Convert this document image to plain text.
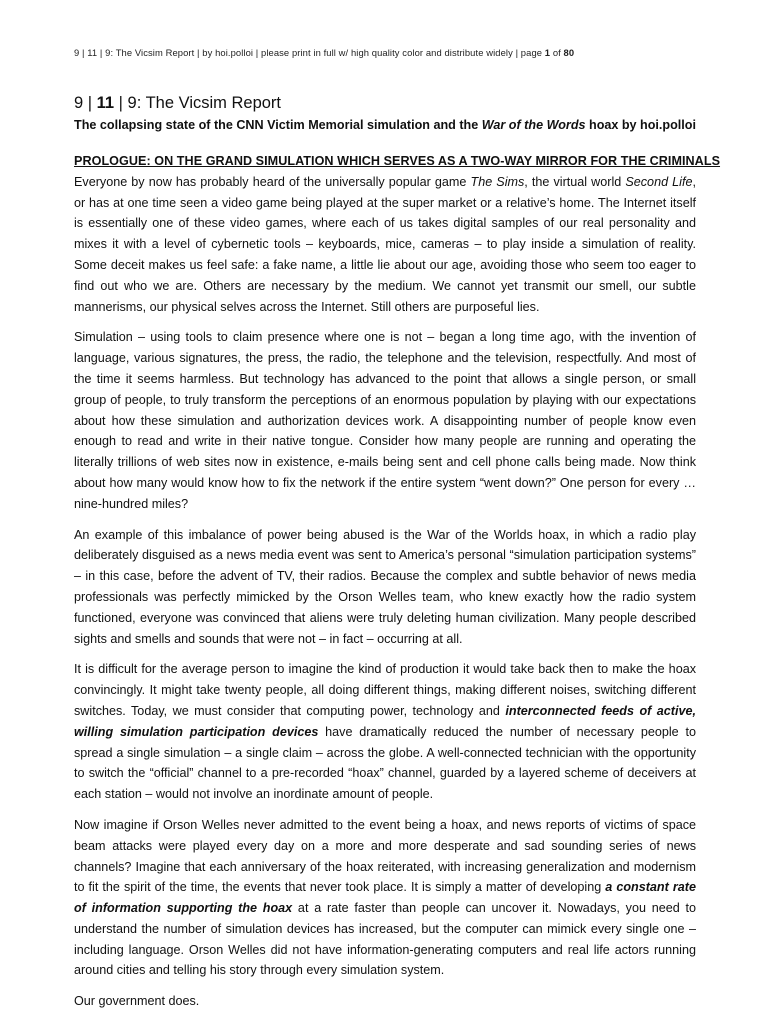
9 | 11 | 9: The Vicsim Report | by hoi.polloi | please print in full w/ high quality color and distribute widely | page 1 of 80
9 | 11 | 9: The Vicsim Report
The collapsing state of the CNN Victim Memorial simulation and the War of the Words hoax by hoi.polloi

PROLOGUE: ON THE GRAND SIMULATION WHICH SERVES AS A TWO-WAY MIRROR FOR THE CRIMINALS
Everyone by now has probably heard of the universally popular game The Sims, the virtual world Second Life, or has at one time seen a video game being played at the super market or a relative’s home. The Internet itself is essentially one of these video games, where each of us takes digital samples of our real personality and mixes it with a level of cybernetic tools – keyboards, mice, cameras – to play inside a simulation of reality. Some deceit makes us feel safe: a fake name, a little lie about our age, avoiding those who seem too eager to find out who we are. Others are necessary by the medium. We cannot yet transmit our smell, our subtle mannerisms, our physical selves across the Internet. Still others are purposeful lies.

Simulation – using tools to claim presence where one is not – began a long time ago, with the invention of language, various signatures, the press, the radio, the telephone and the television, respectfully. And most of the time it seems harmless. But technology has advanced to the point that allows a single person, or small group of people, to truly transform the perceptions of an enormous population by playing with our expectations about how these simulation and authorization devices work. A disappointing number of people know even enough to read and write in their native tongue. Consider how many people are running and operating the literally trillions of web sites now in existence, e-mails being sent and cell phone calls being made. Now think about how many would know how to fix the network if the entire system “went down?” One person for every … nine-hundred miles?

An example of this imbalance of power being abused is the War of the Worlds hoax, in which a radio play deliberately disguised as a news media event was sent to America’s personal “simulation participation systems” – in this case, before the advent of TV, their radios. Because the complex and subtle behavior of news media professionals was perfectly mimicked by the Orson Welles team, who knew exactly how the radio system functioned, everyone was convinced that aliens were truly deleting human civilization. Many people described sights and smells and sounds that were not – in fact – occurring at all.

It is difficult for the average person to imagine the kind of production it would take back then to make the hoax convincingly. It might take twenty people, all doing different things, making different noises, switching different switches. Today, we must consider that computing power, technology and interconnected feeds of active, willing simulation participation devices have dramatically reduced the number of necessary people to spread a single simulation – a single claim – across the globe. A well-connected technician with the opportunity to switch the “official” channel to a pre-recorded “hoax” channel, guarded by a layered scheme of deceivers at each station – would not involve an inordinate amount of people.

Now imagine if Orson Welles never admitted to the event being a hoax, and news reports of victims of space beam attacks were played every day on a more and more desperate and sad sounding series of news channels? Imagine that each anniversary of the hoax reiterated, with increasing generalization and modernism to fit the spirit of the time, the events that never took place. It is simply a matter of developing a constant rate of information supporting the hoax at a rate faster than people can uncover it. Nowadays, you need to understand the number of simulation devices has increased, but the computer can mimick every single one – including language. Orson Welles did not have information-generating computers and real life actors running around cities and telling his story through every simulation system.

Our government does.
